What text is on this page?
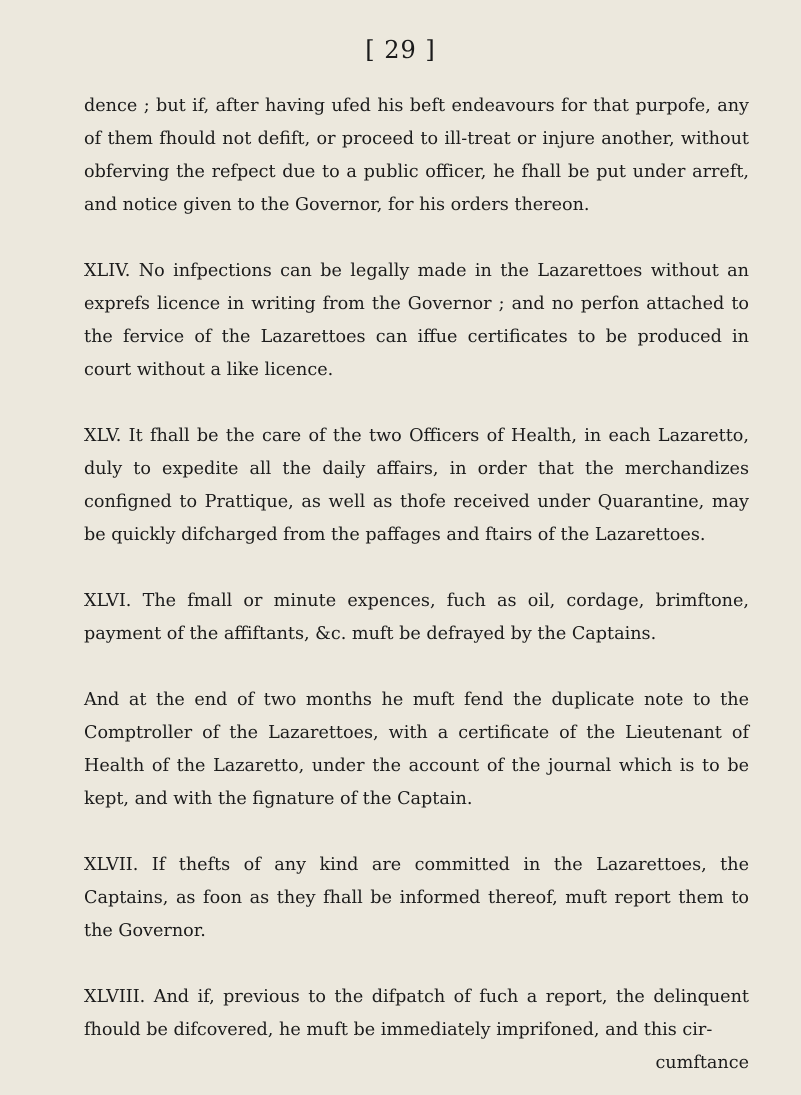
[ 29 ]

dence ; but if, after having ufed his beft endeavours for that purpofe, any of them fhould not defift, or proceed to ill-treat or injure another, without obferving the refpect due to a public officer, he fhall be put under arreft, and notice given to the Governor, for his orders thereon.

XLIV. No infpections can be legally made in the Lazarettoes without an exprefs licence in writing from the Governor ; and no perfon attached to the fervice of the Lazarettoes can iffue certificates to be produced in court without a like licence.

XLV. It fhall be the care of the two Officers of Health, in each Lazaretto, duly to expedite all the daily affairs, in order that the merchandizes configned to Prattique, as well as thofe received under Quarantine, may be quickly difcharged from the paffages and ftairs of the Lazarettoes.

XLVI. The fmall or minute expences, fuch as oil, cordage, brimftone, payment of the affiftants, &c. muft be defrayed by the Captains.

And at the end of two months he muft fend the duplicate note to the Comptroller of the Lazarettoes, with a certificate of the Lieutenant of Health of the Lazaretto, under the account of the journal which is to be kept, and with the fignature of the Captain.

XLVII. If thefts of any kind are committed in the Lazarettoes, the Captains, as foon as they fhall be informed thereof, muft report them to the Governor.

XLVIII. And if, previous to the difpatch of fuch a report, the delinquent fhould be difcovered, he muft be immediately imprifoned, and this cir-

cumftance
